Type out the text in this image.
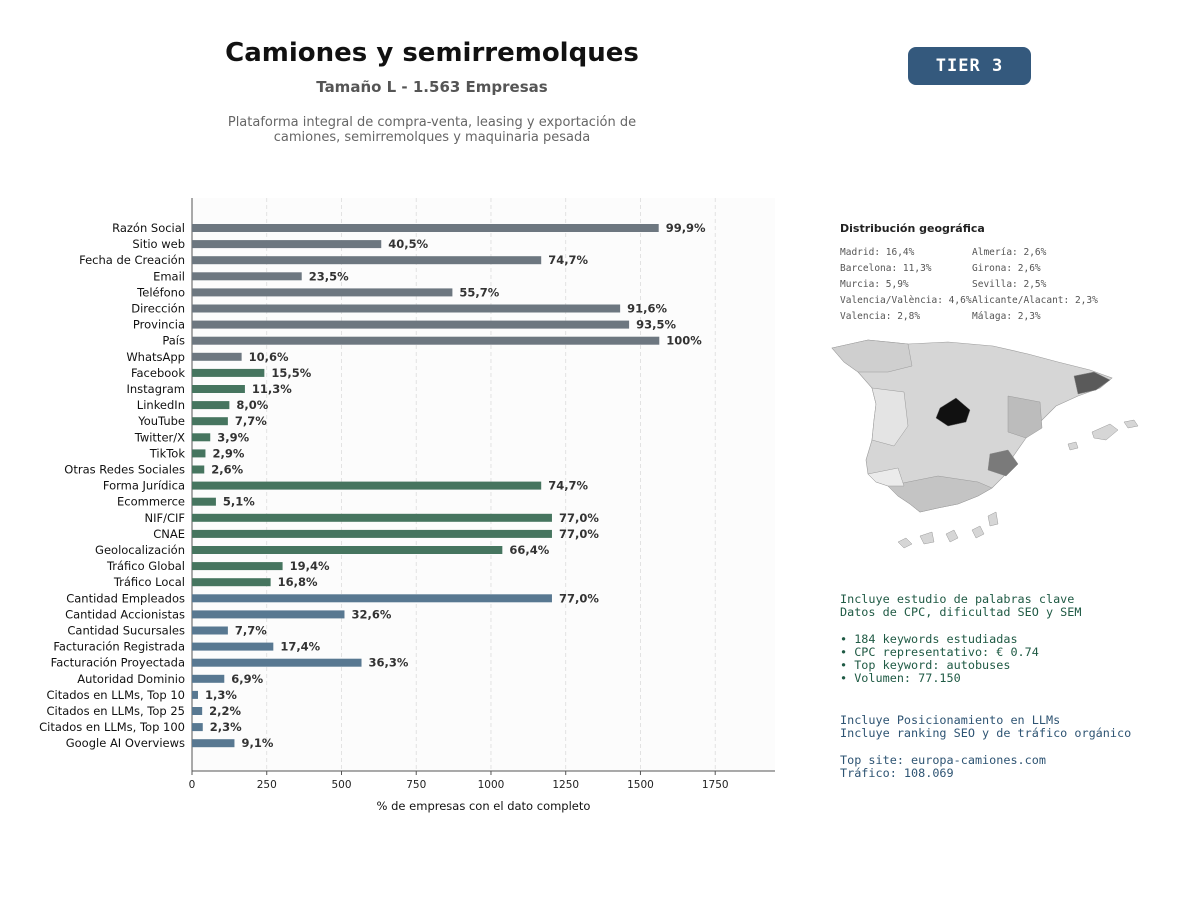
Camiones y semirremolques
Tamaño L - 1.563 Empresas
Plataforma integral de compra-venta, leasing y exportación de
camiones, semirremolques y maquinaria pesada
TIER 3
0	250	500	750	1000	1250	1500	1750
Razón Social	99,9%
Sitio web	40,5%
Fecha de Creación	74,7%
Email	23,5%
Teléfono	55,7%
Dirección	91,6%
Provincia	93,5%
País	100%
WhatsApp	10,6%
Facebook	15,5%
Instagram	11,3%
LinkedIn	8,0%
YouTube	7,7%
Twitter/X	3,9%
TikTok 2,9%
Otras Redes Sociales 2,6%
Forma Jurídica	74,7%
Ecommerce	5,1%
NIF/CIF	77,0%
CNAE	77,0%
Geolocalización	66,4%
Tráfico Global	19,4%
Tráfico Local	16,8%
Cantidad Empleados	77,0%
Cantidad Accionistas	32,6%
Cantidad Sucursales	7,7%
Facturación Registrada	17,4%
Facturación Proyectada	36,3%
Autoridad Dominio	6,9%
Citados en LLMs, Top 10 1,3%
Citados en LLMs, Top 25 2,2%
Citados en LLMs, Top 100 2,3%
Google AI Overviews	9,1%
% de empresas con el dato completo
Distribución geográfica
Madrid: 16,4%
Barcelona: 11,3%
Murcia: 5,9%
Valencia/València: 4,6%
Valencia: 2,8%
Almería: 2,6%
Girona: 2,6%
Sevilla: 2,5%
Alicante/Alacant: 2,3%
Málaga: 2,3%
Incluye estudio de palabras clave
Datos de CPC, dificultad SEO y SEM
• 184 keywords estudiadas
• CPC representativo: € 0.74
• Top keyword: autobuses
• Volumen: 77.150
Incluye Posicionamiento en LLMs
Incluye ranking SEO y de tráfico orgánico
Top site: europa-camiones.com
Tráfico: 108.069
